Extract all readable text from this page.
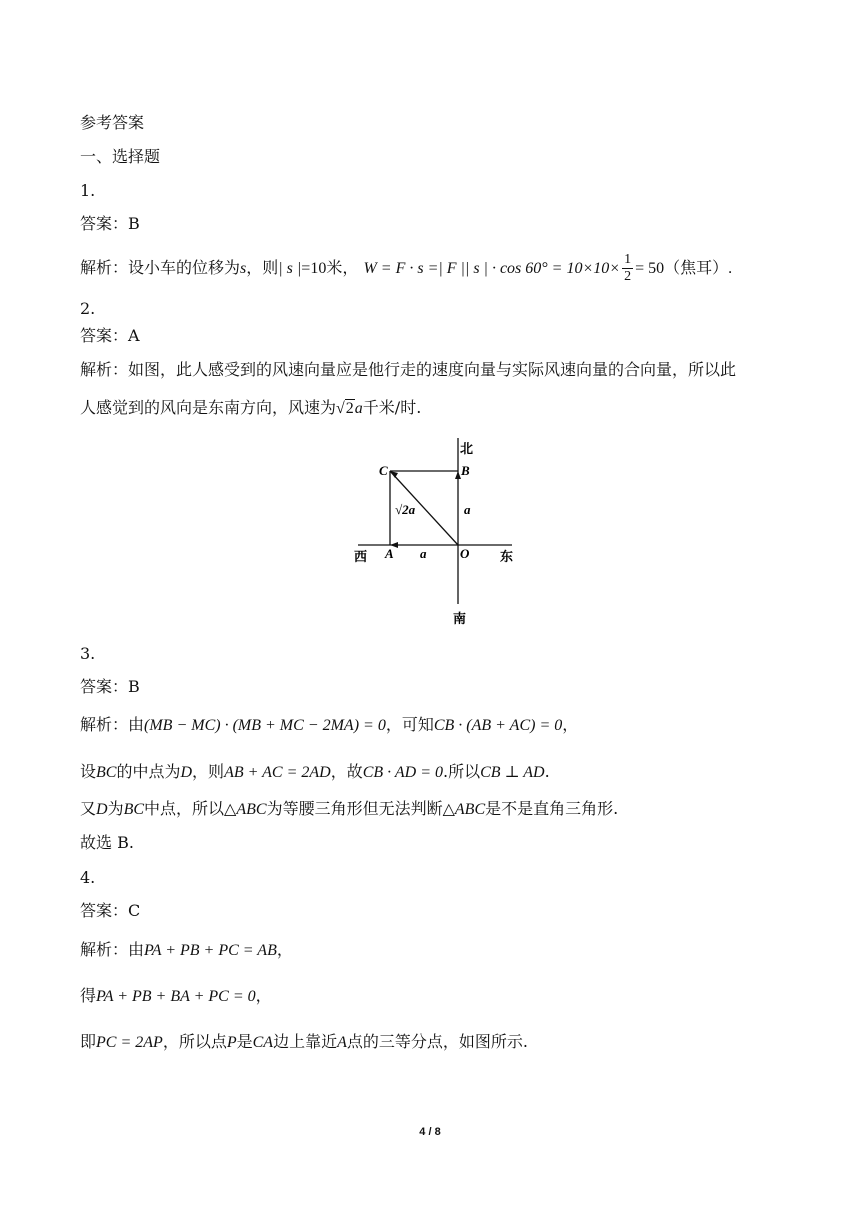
参考答案
一、选择题
1.
答案：B
解析：设小车的位移为s，则| s |=10米， W = F · s =| F || s | · $\cos 60^\circ = 10\times 10\times \frac{1}{2} = 50$（焦耳）.
2.
答案：A
解析：如图，此人感受到的风速向量应是他行走的速度向量与实际风速向量的合向量，所以此
人感觉到的风向是东南方向，风速为√2a千米/时.
北
南
东
西
C	B
A	O
√2a	a
a
3.
答案：B
解析：由(MB − MC) · (MB + MC − 2MA) = 0，可知CB · (AB + AC) = 0，
设BC的中点为D，则AB + AC = 2AD，故CB · AD = 0.所以CB ⊥ AD.
又D为BC中点，所以△ABC为等腰三角形但无法判断△ABC是不是直角三角形.
故选 B.
4.
答案：C
解析：由PA + PB + PC = AB，
得PA + PB + BA + PC = 0，
即PC = 2AP，所以点P是CA边上靠近A点的三等分点，如图所示.
4 / 8
